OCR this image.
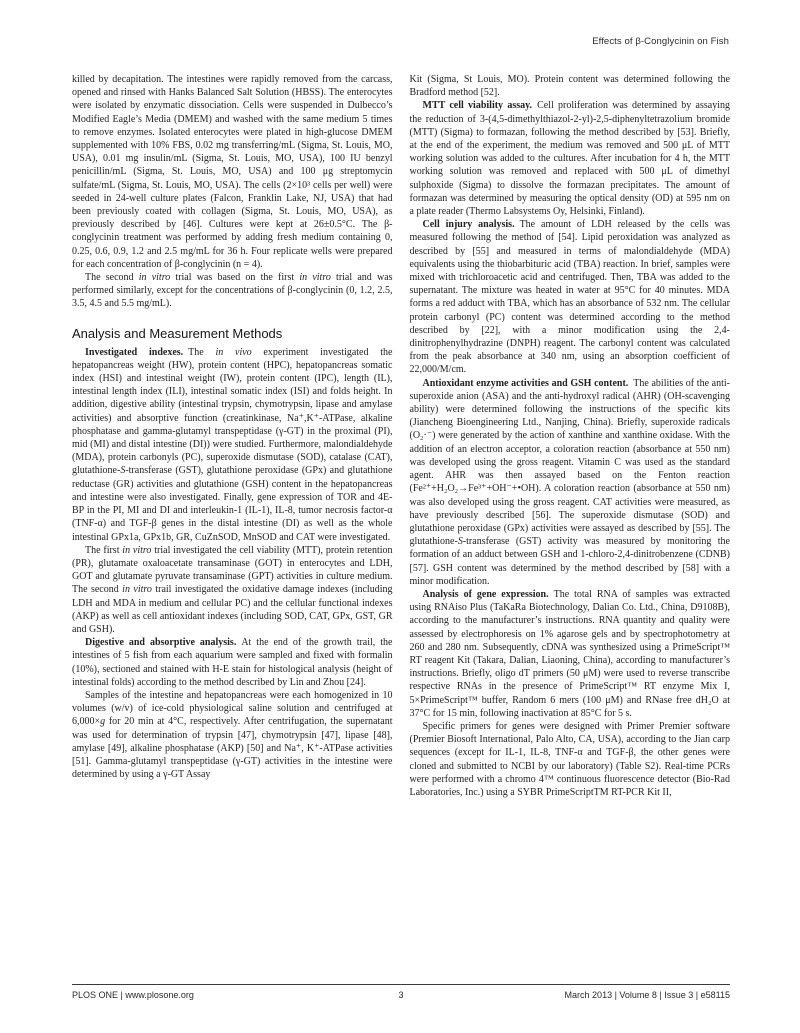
Effects of β-Conglycinin on Fish

killed by decapitation. The intestines were rapidly removed from the carcass, opened and rinsed with Hanks Balanced Salt Solution (HBSS). The enterocytes were isolated by enzymatic dissociation. Cells were suspended in Dulbecco’s Modified Eagle’s Media (DMEM) and washed with the same medium 5 times to remove enzymes. Isolated enterocytes were plated in high-glucose DMEM supplemented with 10% FBS, 0.02 mg transferring/mL (Sigma, St. Louis, MO, USA), 0.01 mg insulin/mL (Sigma, St. Louis, MO, USA), 100 IU benzyl penicillin/mL (Sigma, St. Louis, MO, USA) and 100 μg streptomycin sulfate/mL (Sigma, St. Louis, MO, USA). The cells (2×10³ cells per well) were seeded in 24-well culture plates (Falcon, Franklin Lake, NJ, USA) that had been previously coated with collagen (Sigma, St. Louis, MO, USA), as previously described by [46]. Cultures were kept at 26±0.5°C. The β-conglycinin treatment was performed by adding fresh medium containing 0, 0.25, 0.6, 0.9, 1.2 and 2.5 mg/mL for 36 h. Four replicate wells were prepared for each concentration of β-conglycinin (n = 4).

The second in vitro trial was based on the first in vitro trial and was performed similarly, except for the concentrations of β-conglycinin (0, 1.2, 2.5, 3.5, 4.5 and 5.5 mg/mL).

Analysis and Measurement Methods

Investigated indexes. The in vivo experiment investigated the hepatopancreas weight (HW), protein content (HPC), hepatopancreas somatic index (HSI) and intestinal weight (IW), protein content (IPC), length (IL), intestinal length index (ILI), intestinal somatic index (ISI) and folds height. In addition, digestive ability (intestinal trypsin, chymotrypsin, lipase and amylase activities) and absorptive function (creatinkinase, Na⁺,K⁺-ATPase, alkaline phosphatase and gamma-glutamyl transpeptidase (γ-GT) in the proximal (PI), mid (MI) and distal intestine (DI)) were studied. Furthermore, malondialdehyde (MDA), protein carbonyls (PC), superoxide dismutase (SOD), catalase (CAT), glutathione-S-transferase (GST), glutathione peroxidase (GPx) and glutathione reductase (GR) activities and glutathione (GSH) content in the hepatopancreas and intestine were also investigated. Finally, gene expression of TOR and 4E-BP in the PI, MI and DI and interleukin-1 (IL-1), IL-8, tumor necrosis factor-α (TNF-α) and TGF-β genes in the distal intestine (DI) as well as the whole intestinal GPx1a, GPx1b, GR, CuZnSOD, MnSOD and CAT were investigated.

The first in vitro trial investigated the cell viability (MTT), protein retention (PR), glutamate oxaloacetate transaminase (GOT) in enterocytes and LDH, GOT and glutamate pyruvate transaminase (GPT) activities in culture medium. The second in vitro trail investigated the oxidative damage indexes (including LDH and MDA in medium and cellular PC) and the cellular functional indexes (AKP) as well as cell antioxidant indexes (including SOD, CAT, GPx, GST, GR and GSH).

Digestive and absorptive analysis. At the end of the growth trail, the intestines of 5 fish from each aquarium were sampled and fixed with formalin (10%), sectioned and stained with H-E stain for histological analysis (height of intestinal folds) according to the method described by Lin and Zhou [24].

Samples of the intestine and hepatopancreas were each homogenized in 10 volumes (w/v) of ice-cold physiological saline solution and centrifuged at 6,000×g for 20 min at 4°C, respectively. After centrifugation, the supernatant was used for determination of trypsin [47], chymotrypsin [47], lipase [48], amylase [49], alkaline phosphatase (AKP) [50] and Na⁺, K⁺-ATPase activities [51]. Gamma-glutamyl transpeptidase (γ-GT) activities in the intestine were determined by using a γ-GT Assay

Kit (Sigma, St Louis, MO). Protein content was determined following the Bradford method [52].

MTT cell viability assay. Cell proliferation was determined by assaying the reduction of 3-(4,5-dimethylthiazol-2-yl)-2,5-diphenyltetrazolium bromide (MTT) (Sigma) to formazan, following the method described by [53]. Briefly, at the end of the experiment, the medium was removed and 500 μL of MTT working solution was added to the cultures. After incubation for 4 h, the MTT working solution was removed and replaced with 500 μL of dimethyl sulphoxide (Sigma) to dissolve the formazan precipitates. The amount of formazan was determined by measuring the optical density (OD) at 595 nm on a plate reader (Thermo Labsystems Oy, Helsinki, Finland).

Cell injury analysis. The amount of LDH released by the cells was measured following the method of [54]. Lipid peroxidation was analyzed as described by [55] and measured in terms of malondialdehyde (MDA) equivalents using the thiobarbituric acid (TBA) reaction. In brief, samples were mixed with trichloroacetic acid and centrifuged. Then, TBA was added to the supernatant. The mixture was heated in water at 95°C for 40 minutes. MDA forms a red adduct with TBA, which has an absorbance of 532 nm. The cellular protein carbonyl (PC) content was determined according to the method described by [22], with a minor modification using the 2,4-dinitrophenylhydrazine (DNPH) reagent. The carbonyl content was calculated from the peak absorbance at 340 nm, using an absorption coefficient of 22,000/M/cm.

Antioxidant enzyme activities and GSH content. The abilities of the anti-superoxide anion (ASA) and the anti-hydroxyl radical (AHR) (OH-scavenging ability) were determined following the instructions of the specific kits (Jiancheng Bioengineering Ltd., Nanjing, China). Briefly, superoxide radicals (O₂·⁻) were generated by the action of xanthine and xanthine oxidase. With the addition of an electron acceptor, a coloration reaction (absorbance at 550 nm) was developed using the gross reagent. Vitamin C was used as the standard agent. AHR was then assayed based on the Fenton reaction (Fe²⁺+H₂O₂→Fe³⁺+OH⁻+•OH). A coloration reaction (absorbance at 550 nm) was also developed using the gross reagent. CAT activities were measured, as have previously described [56]. The superoxide dismutase (SOD) and glutathione peroxidase (GPx) activities were assayed as described by [55]. The glutathione-S-transferase (GST) activity was measured by monitoring the formation of an adduct between GSH and 1-chloro-2,4-dinitrobenzene (CDNB) [57]. GSH content was determined by the method described by [58] with a minor modification.

Analysis of gene expression. The total RNA of samples was extracted using RNAiso Plus (TaKaRa Biotechnology, Dalian Co. Ltd., China, D9108B), according to the manufacturer’s instructions. RNA quantity and quality were assessed by electrophoresis on 1% agarose gels and by spectrophotometry at 260 and 280 nm. Subsequently, cDNA was synthesized using a PrimeScript™ RT reagent Kit (Takara, Dalian, Liaoning, China), according to manufacturer’s instructions. Briefly, oligo dT primers (50 μM) were used to reverse transcribe respective RNAs in the presence of PrimeScript™ RT enzyme Mix I, 5×PrimeScript™ buffer, Random 6 mers (100 μM) and RNase free dH₂O at 37°C for 15 min, following inactivation at 85°C for 5 s.

Specific primers for genes were designed with Primer Premier software (Premier Biosoft International, Palo Alto, CA, USA), according to the Jian carp sequences (except for IL-1, IL-8, TNF-α and TGF-β, the other genes were cloned and submitted to NCBI by our laboratory) (Table S2). Real-time PCRs were performed with a chromo 4™ continuous fluorescence detector (Bio-Rad Laboratories, Inc.) using a SYBR PrimeScriptTM RT-PCR Kit II,

PLOS ONE | www.plosone.org	3	March 2013 | Volume 8 | Issue 3 | e58115
